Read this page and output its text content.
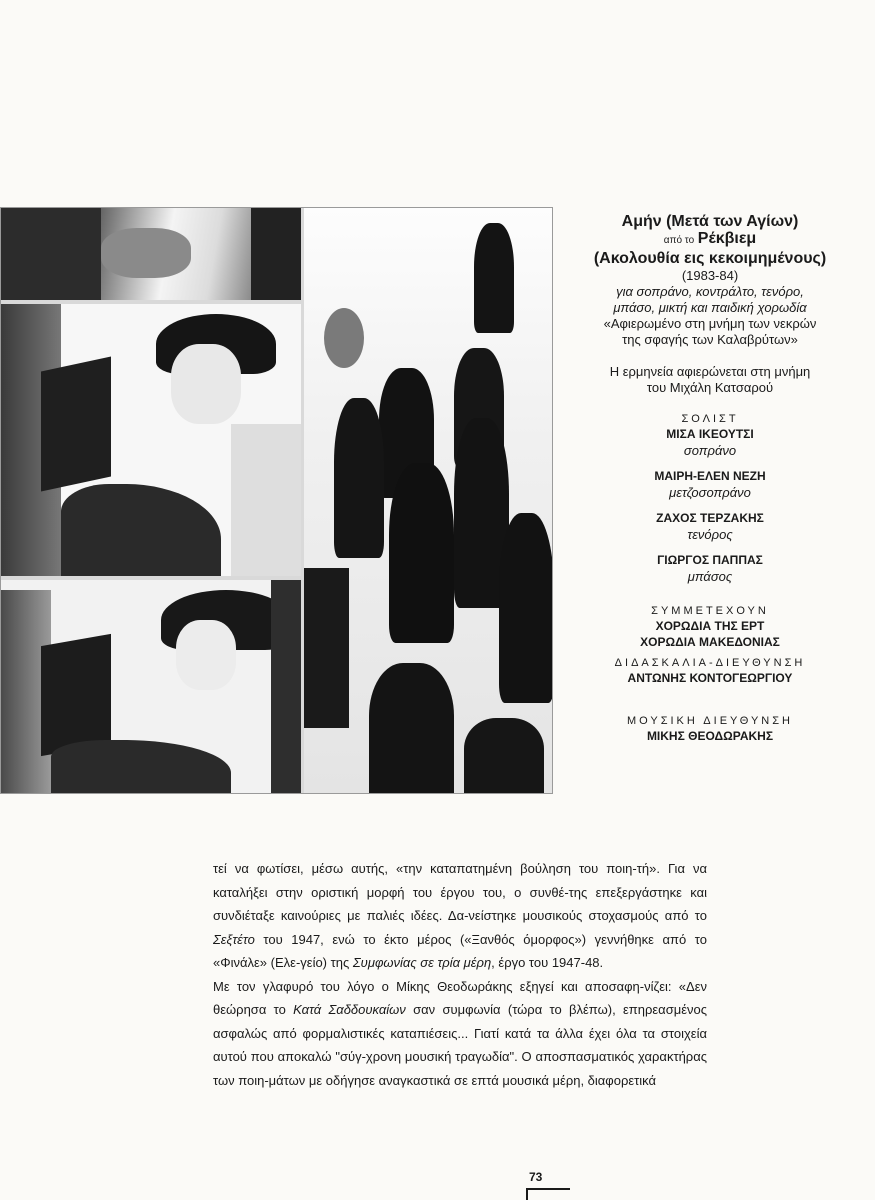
Αμήν (Μετά των Αγίων)
από το Ρέκβιεμ
(Ακολουθία εις κεκοιμημένους)
(1983-84)
για σοπράνο, κοντράλτο, τενόρο,
μπάσο, μικτή και παιδική χορωδία
«Αφιερωμένο στη μνήμη των νεκρών
της σφαγής των Καλαβρύτων»
Η ερμηνεία αφιερώνεται στη μνήμη
του Μιχάλη Κατσαρού
ΣΟΛΙΣΤ
ΜΙΣΑ ΙΚΕΟΥΤΣΙ
σοπράνο
ΜΑΙΡΗ-ΕΛΕΝ ΝΕΖΗ
μετζοσοπράνο
ΖΑΧΟΣ ΤΕΡΖΑΚΗΣ
τενόρος
ΓΙΩΡΓΟΣ ΠΑΠΠΑΣ
μπάσος
ΣΥΜΜΕΤΕΧΟΥΝ
ΧΟΡΩΔΙΑ ΤΗΣ ΕΡΤ
ΧΟΡΩΔΙΑ ΜΑΚΕΔΟΝΙΑΣ
ΔΙΔΑΣΚΑΛΙΑ-ΔΙΕΥΘΥΝΣΗ
ΑΝΤΩΝΗΣ ΚΟΝΤΟΓΕΩΡΓΙΟΥ
ΜΟΥΣΙΚΗ ΔΙΕΥΘΥΝΣΗ
ΜΙΚΗΣ ΘΕΟΔΩΡΑΚΗΣ

τεί να φωτίσει, μέσω αυτής, «την καταπατημένη βούληση του ποιη-τή». Για να καταλήξει στην οριστική μορφή του έργου του, ο συνθέ-της επεξεργάστηκε και συνδιέταξε καινούριες με παλιές ιδέες. Δα-νείστηκε μουσικούς στοχασμούς από το Σεξτέτο του 1947, ενώ το έκτο μέρος («Ξανθός όμορφος») γεννήθηκε από το «Φινάλε» (Ελε-γείο) της Συμφωνίας σε τρία μέρη, έργο του 1947-48.

Με τον γλαφυρό του λόγο ο Μίκης Θεοδωράκης εξηγεί και αποσαφη-νίζει: «Δεν θεώρησα το Κατά Σαδδουκαίων σαν συμφωνία (τώρα το βλέπω), επηρεασμένος ασφαλώς από φορμαλιστικές καταπιέσεις... Γιατί κατά τα άλλα έχει όλα τα στοιχεία αυτού που αποκαλώ "σύγ-χρονη μουσική τραγωδία". Ο αποσπασματικός χαρακτήρας των ποιη-μάτων με οδήγησε αναγκαστικά σε επτά μουσικά μέρη, διαφορετικά

73
